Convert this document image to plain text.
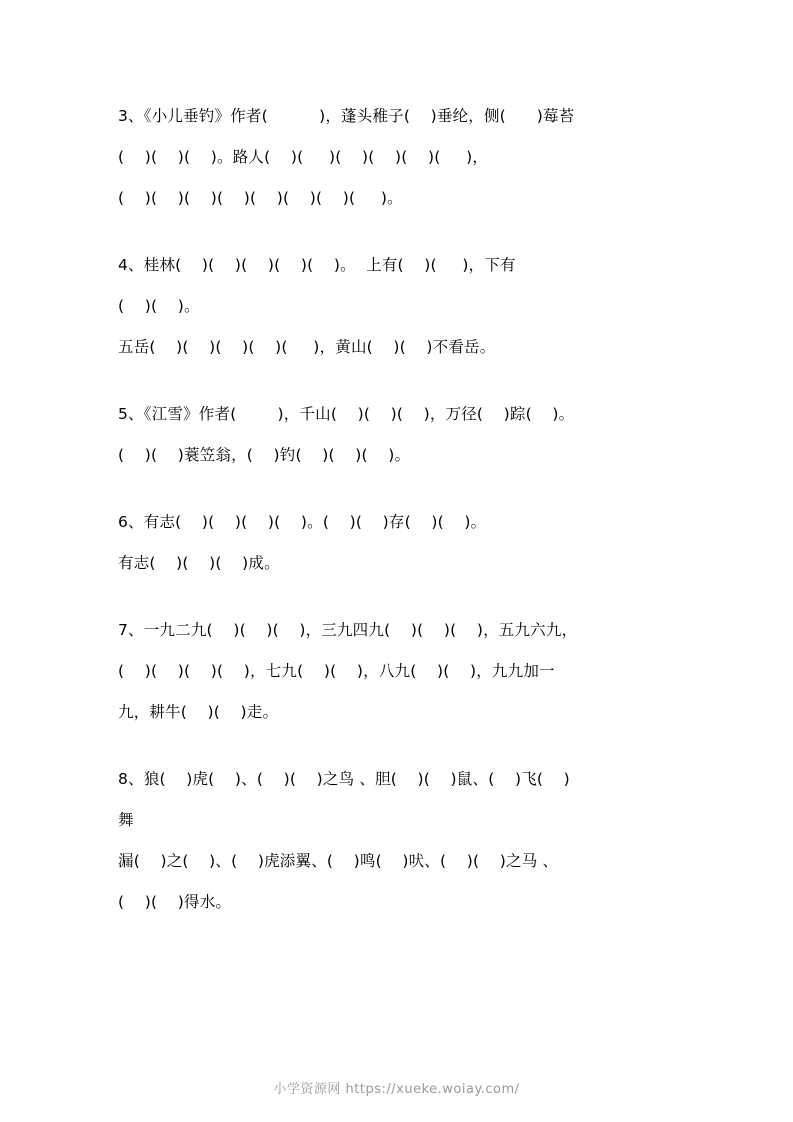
3、《小儿垂钓》作者(          )，蓬头稚子(    )垂纶，侧(      )莓苔
(    )(    )(    )。路人(    )(     )(    )(    )(    )(     )，
(    )(    )(    )(    )(    )(    )(    )(     )。
4、桂林(    )(    )(    )(    )(    )。  上有(    )(     )，下有
(    )(    )。
五岳(    )(    )(    )(    )(     )，黄山(    )(    )不看岳。
5、《江雪》作者(        )，千山(    )(    )(    )，万径(    )踪(    )。
(    )(    )蓑笠翁，(    )钓(    )(    )(    )。
6、有志(    )(    )(    )(    )。(    )(    )存(    )(    )。
有志(    )(    )(    )成。
7、一九二九(    )(    )(    )，三九四九(    )(    )(    )，五九六九，
(    )(    )(    )(    )，七九(    )(    )，八九(    )(    )，九九加一
九，耕牛(    )(    )走。
8、狼(    )虎(    )、(    )(    )之鸟 、胆(    )(    )鼠、(    )飞(    )
舞
漏(    )之(    )、(    )虎添翼、(    )鸣(    )吠、(    )(    )之马 、
(    )(    )得水。
小学资源网 https://xueke.woiay.com/
